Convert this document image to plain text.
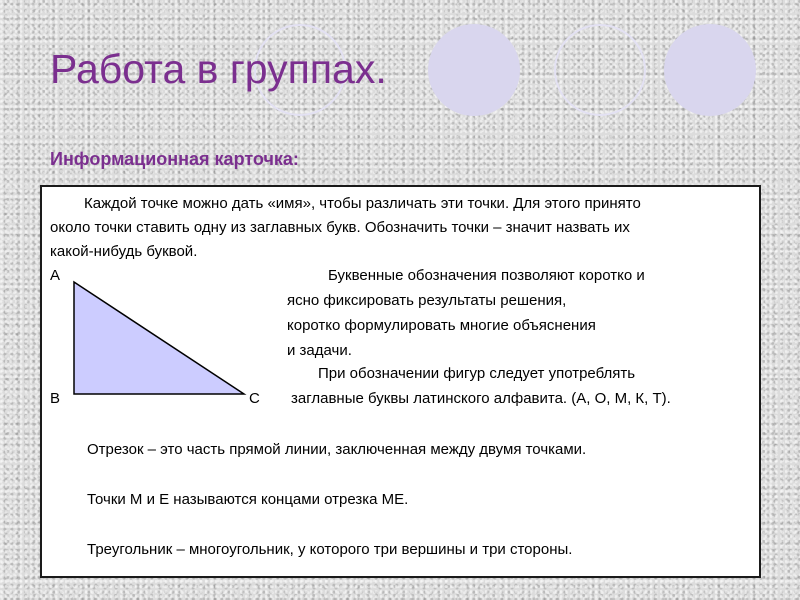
Работа в группах.
Информационная карточка:

Каждой точке можно дать «имя», чтобы различать эти точки. Для этого принято

около точки ставить одну из заглавных букв. Обозначить точки – значит назвать их

какой-нибудь буквой.

А	Буквенные обозначения позволяют коротко и

ясно фиксировать результаты решения,

коротко формулировать многие объяснения

и задачи.

При обозначении фигур следует употреблять

В	С заглавные буквы латинского алфавита. (А, О, М, К, Т).

Отрезок – это часть прямой линии, заключенная между двумя точками.

Точки М и Е называются концами отрезка МЕ.

Треугольник – многоугольник, у которого три вершины и три стороны.
